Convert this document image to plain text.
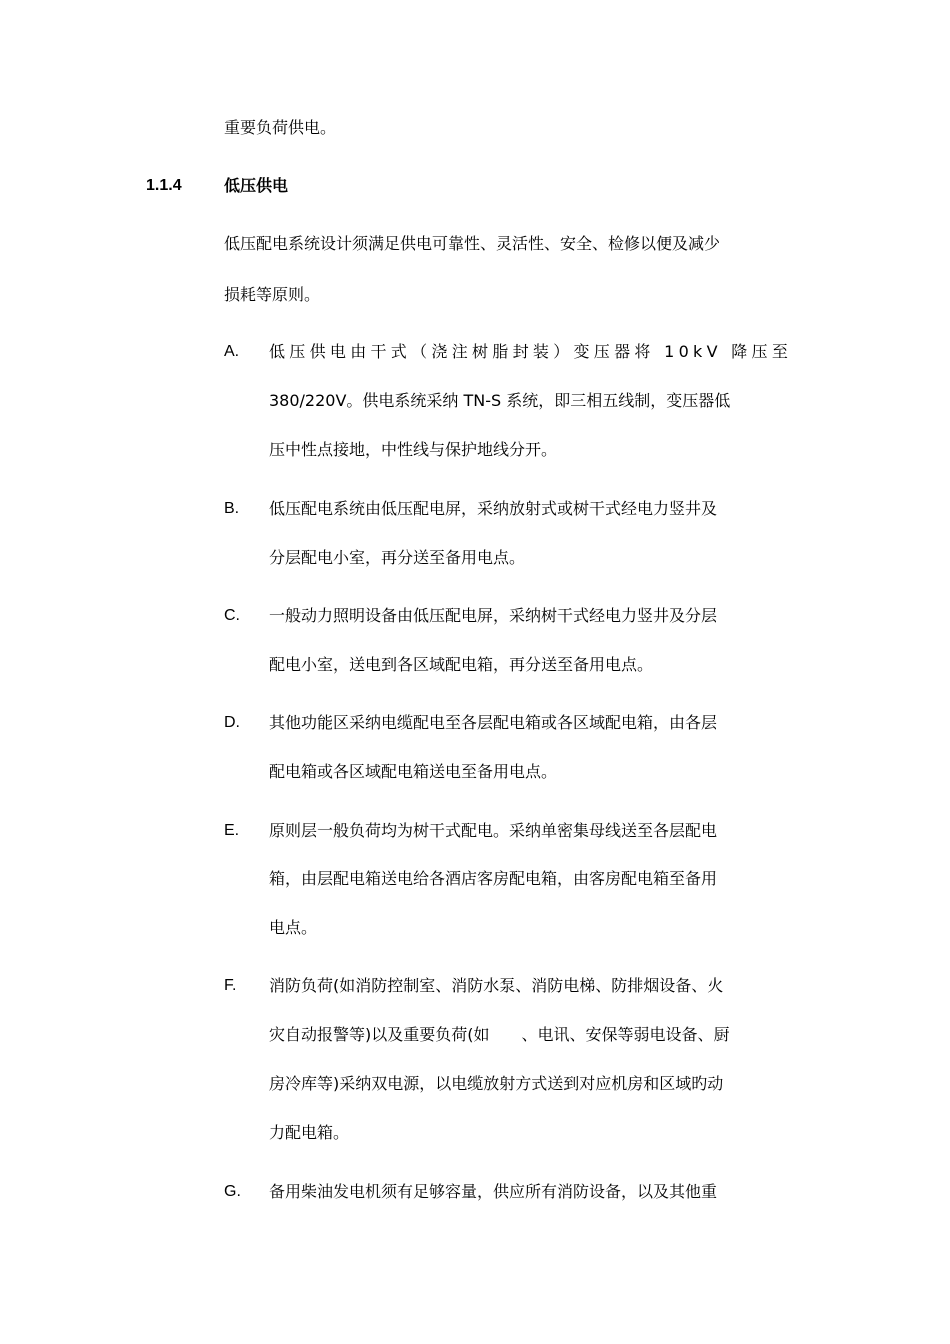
重要负荷供电。
1.1.4	低压供电
低压配电系统设计须满足供电可靠性、灵活性、安全、检修以便及减少
损耗等原则。
A. 低压供电由干式（浇注树脂封装）变压器将 10kV 降压至
380/220V。供电系统采纳 TN-S 系统，即三相五线制，变压器低
压中性点接地，中性线与保护地线分开。
B. 低压配电系统由低压配电屏，采纳放射式或树干式经电力竖井及
分层配电小室，再分送至备用电点。
C. 一般动力照明设备由低压配电屏，采纳树干式经电力竖井及分层
配电小室，送电到各区域配电箱，再分送至备用电点。
D. 其他功能区采纳电缆配电至各层配电箱或各区域配电箱，由各层
配电箱或各区域配电箱送电至备用电点。
E. 原则层一般负荷均为树干式配电。采纳单密集母线送至各层配电
箱，由层配电箱送电给各酒店客房配电箱，由客房配电箱至备用
电点。
F. 消防负荷(如消防控制室、消防水泵、消防电梯、防排烟设备、火
灾自动报警等)以及重要负荷(如　　、电讯、安保等弱电设备、厨
房冷库等)采纳双电源，以电缆放射方式送到对应机房和区域旳动
力配电箱。
G. 备用柴油发电机须有足够容量，供应所有消防设备，以及其他重
